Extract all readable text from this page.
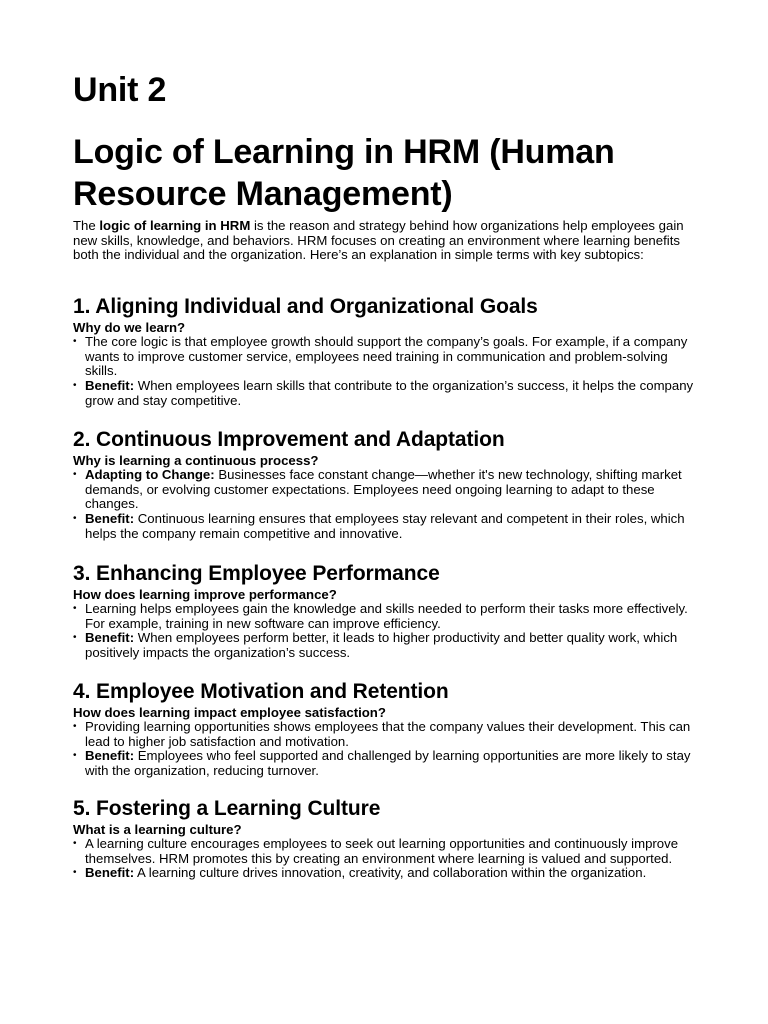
Unit 2
Logic of Learning in HRM (Human Resource Management)

The logic of learning in HRM is the reason and strategy behind how organizations help employees gain new skills, knowledge, and behaviors. HRM focuses on creating an environment where learning benefits both the individual and the organization. Here’s an explanation in simple terms with key subtopics:

1. Aligning Individual and Organizational Goals

Why do we learn?

• The core logic is that employee growth should support the company’s goals. For example, if a company wants to improve customer service, employees need training in communication and problem-solving skills.
• Benefit: When employees learn skills that contribute to the organization’s success, it helps the company grow and stay competitive.
2. Continuous Improvement and Adaptation

Why is learning a continuous process?

• Adapting to Change: Businesses face constant change—whether it's new technology, shifting market demands, or evolving customer expectations. Employees need ongoing learning to adapt to these changes.
• Benefit: Continuous learning ensures that employees stay relevant and competent in their roles, which helps the company remain competitive and innovative.
3. Enhancing Employee Performance

How does learning improve performance?

• Learning helps employees gain the knowledge and skills needed to perform their tasks more effectively. For example, training in new software can improve efficiency.
• Benefit: When employees perform better, it leads to higher productivity and better quality work, which positively impacts the organization’s success.
4. Employee Motivation and Retention

How does learning impact employee satisfaction?

• Providing learning opportunities shows employees that the company values their development. This can lead to higher job satisfaction and motivation.
• Benefit: Employees who feel supported and challenged by learning opportunities are more likely to stay with the organization, reducing turnover.
5. Fostering a Learning Culture

What is a learning culture?

• A learning culture encourages employees to seek out learning opportunities and continuously improve themselves. HRM promotes this by creating an environment where learning is valued and supported.
• Benefit: A learning culture drives innovation, creativity, and collaboration within the organization.
